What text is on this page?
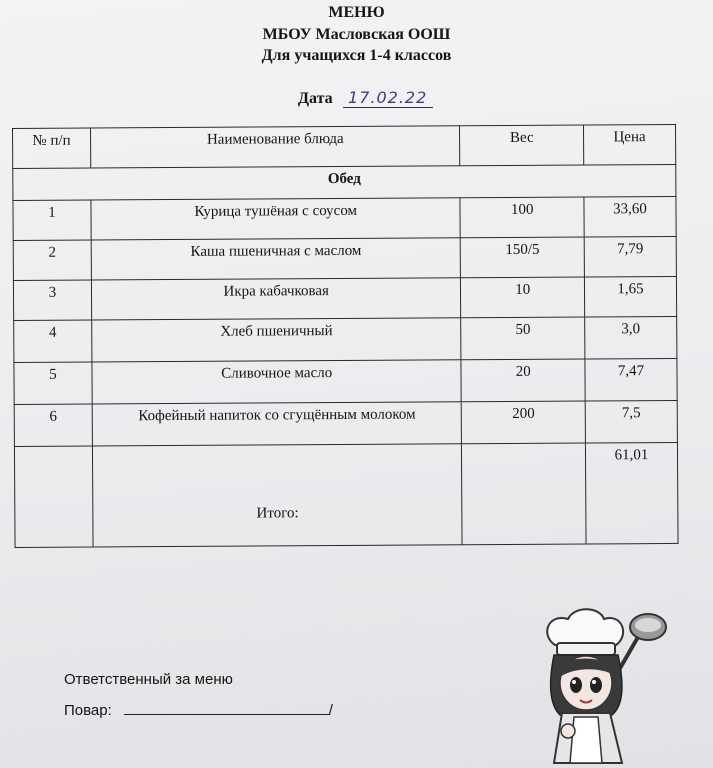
МЕНЮ
МБОУ Масловская ООШ
Для учащихся 1-4 классов
Дата 17.02.22
№ п/п	Наименование блюда	Вес	Цена
Обед			
1	Курица тушёная с соусом	100	33,60
2	Каша пшеничная с маслом	150/5	7,79
3	Икра кабачковая	10	1,65
4	Хлеб пшеничный	50	3,0
5	Сливочное масло	20	7,47
6	Кофейный напиток со сгущённым молоком	200	7,5
	Итого:		61,01
Ответственный за меню
Повар:	/
